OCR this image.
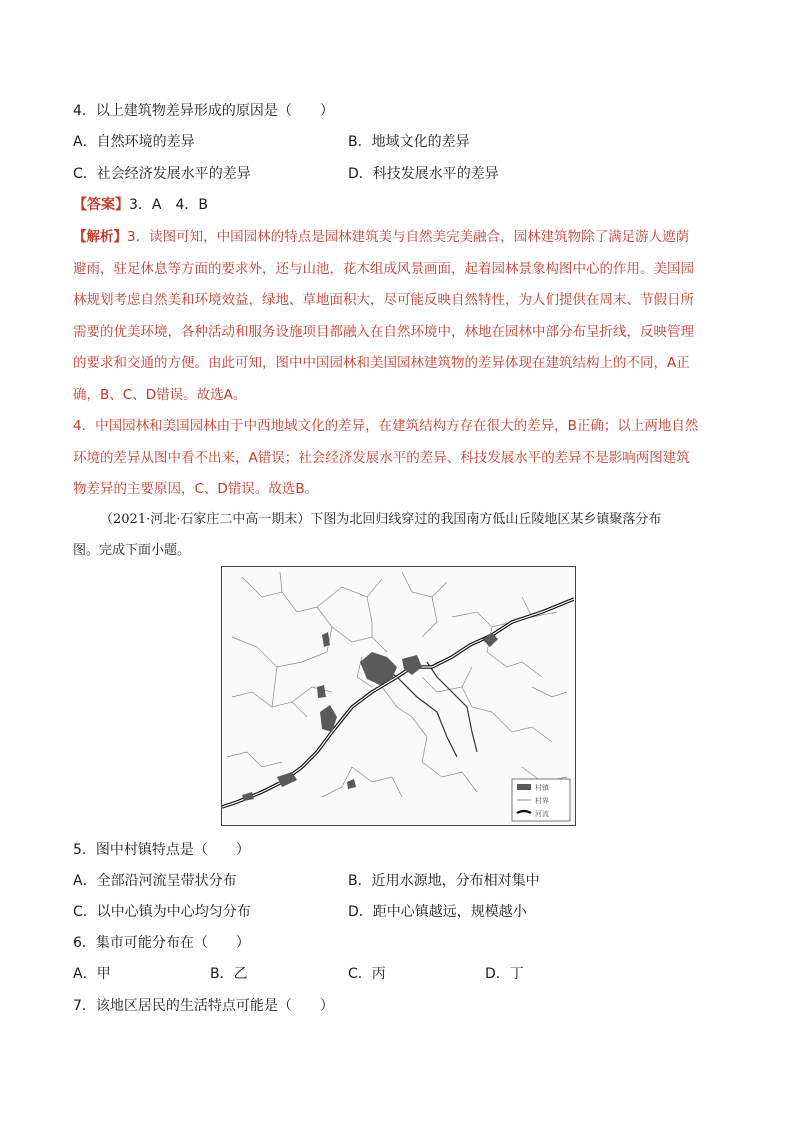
4．以上建筑物差异形成的原因是（　　）
A．自然环境的差异	B．地域文化的差异
C．社会经济发展水平的差异	D．科技发展水平的差异
【答案】3．A　4．B
【解析】3．读图可知，中国园林的特点是园林建筑美与自然美完美融合，园林建筑物除了满足游人遮荫
避雨，驻足休息等方面的要求外，还与山池，花木组成风景画面，起着园林景象构图中心的作用。美国园
林规划考虑自然美和环境效益，绿地、草地面积大，尽可能反映自然特性，为人们提供在周末、节假日所
需要的优美环境，各种活动和服务设施项目都融入在自然环境中，林地在园林中部分布呈折线，反映管理
的要求和交通的方便。由此可知，图中中国园林和美国园林建筑物的差异体现在建筑结构上的不同，A正
确，B、C、D错误。故选A。
4．中国园林和美国园林由于中西地域文化的差异，在建筑结构方存在很大的差异，B正确；以上两地自然
环境的差异从图中看不出来，A错误；社会经济发展水平的差异、科技发展水平的差异不是影响两图建筑
物差异的主要原因，C、D错误。故选B。
（2021·河北·石家庄二中高一期末）下图为北回归线穿过的我国南方低山丘陵地区某乡镇聚落分布
图。完成下面小题。
村镇
村界
河流
5．图中村镇特点是（　　）
A．全部沿河流呈带状分布	B．近用水源地，分布相对集中
C．以中心镇为中心均匀分布	D．距中心镇越远，规模越小
6．集市可能分布在（　　）
A．甲	B．乙	C．丙	D．丁
7．该地区居民的生活特点可能是（　　）
